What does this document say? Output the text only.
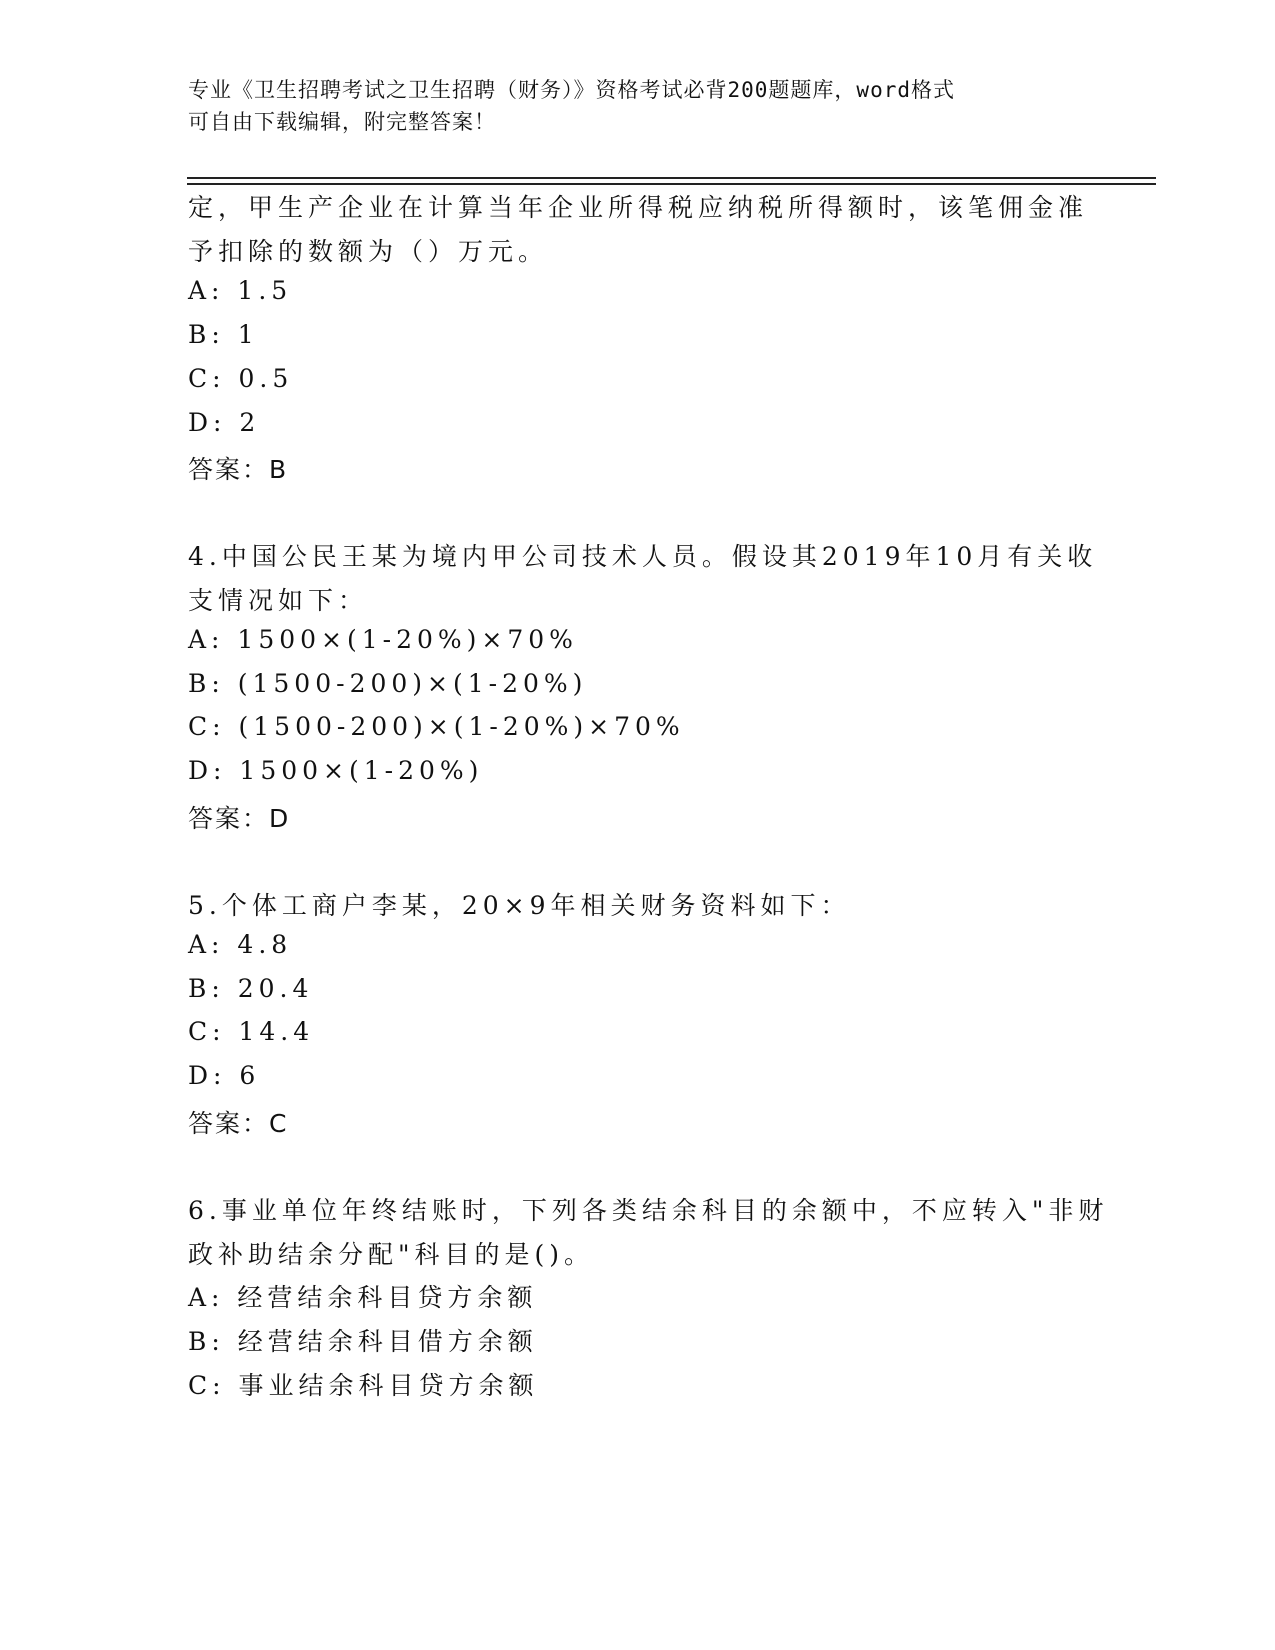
专业《卫生招聘考试之卫生招聘（财务）》资格考试必背200题题库，word格式
可自由下载编辑，附完整答案！
定，甲生产企业在计算当年企业所得税应纳税所得额时，该笔佣金准
予扣除的数额为（）万元。
A: 1.5
B: 1
C: 0.5
D: 2
答案：B
4.中国公民王某为境内甲公司技术人员。假设其2019年10月有关收
支情况如下：
A: 1500×(1-20%)×70%
B: (1500-200)×(1-20%)
C: (1500-200)×(1-20%)×70%
D: 1500×(1-20%)
答案：D
5.个体工商户李某，20×9年相关财务资料如下：
A: 4.8
B: 20.4
C: 14.4
D: 6
答案：C
6.事业单位年终结账时，下列各类结余科目的余额中，不应转入"非财
政补助结余分配"科目的是()。
A: 经营结余科目贷方余额
B: 经营结余科目借方余额
C: 事业结余科目贷方余额
